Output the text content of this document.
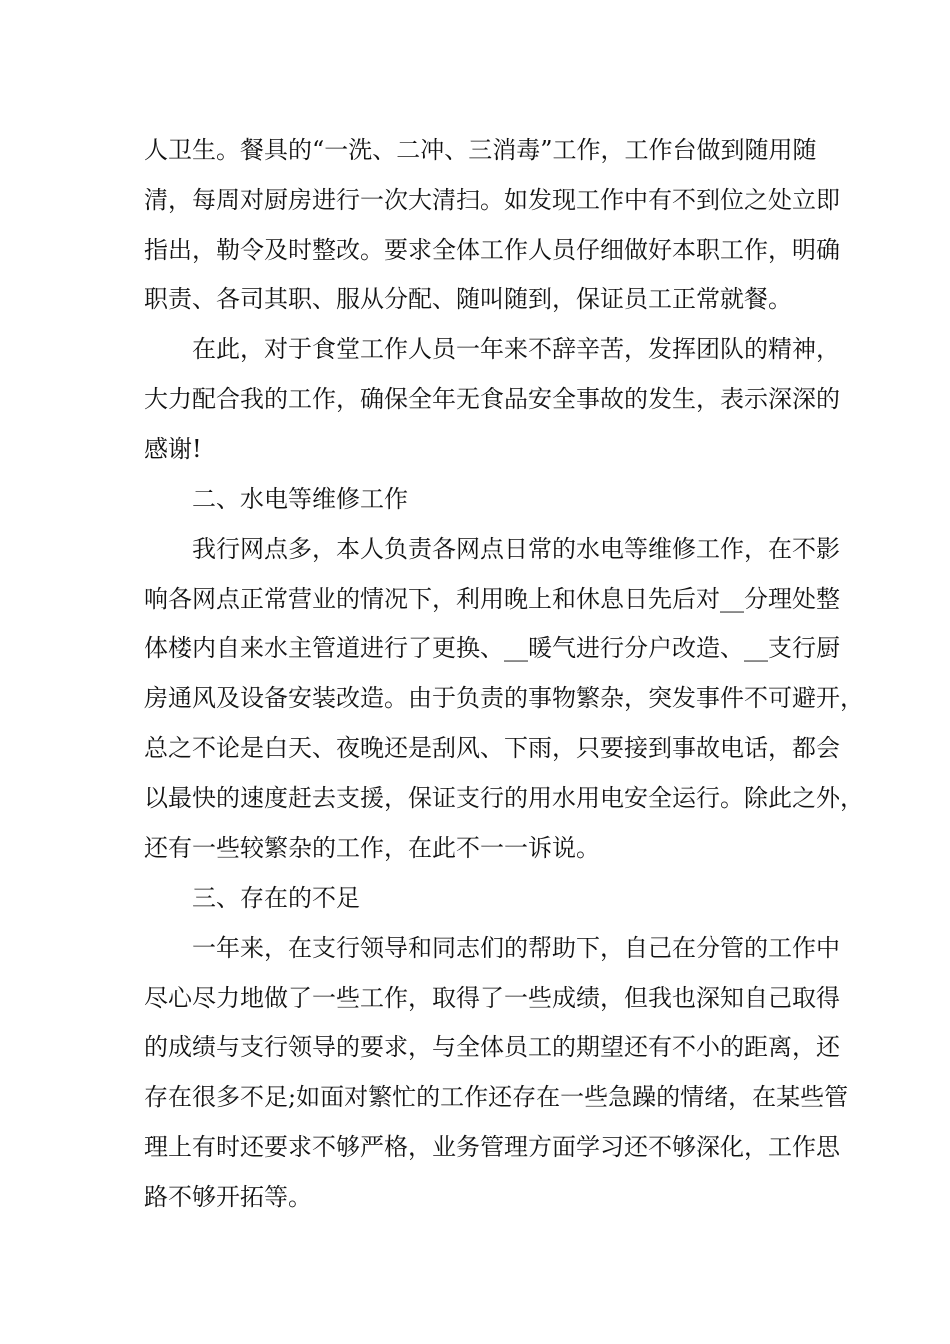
人卫生。餐具的“一洗、二冲、三消毒”工作，工作台做到随用随
清，每周对厨房进行一次大清扫。如发现工作中有不到位之处立即
指出，勒令及时整改。要求全体工作人员仔细做好本职工作，明确
职责、各司其职、服从分配、随叫随到，保证员工正常就餐。
在此，对于食堂工作人员一年来不辞辛苦，发挥团队的精神，
大力配合我的工作，确保全年无食品安全事故的发生，表示深深的
感谢!
二、水电等维修工作
我行网点多，本人负责各网点日常的水电等维修工作，在不影
响各网点正常营业的情况下，利用晚上和休息日先后对__分理处整
体楼内自来水主管道进行了更换、__暖气进行分户改造、__支行厨
房通风及设备安装改造。由于负责的事物繁杂，突发事件不可避开，
总之不论是白天、夜晚还是刮风、下雨，只要接到事故电话，都会
以最快的速度赶去支援，保证支行的用水用电安全运行。除此之外，
还有一些较繁杂的工作，在此不一一诉说。
三、存在的不足
一年来，在支行领导和同志们的帮助下，自己在分管的工作中
尽心尽力地做了一些工作，取得了一些成绩，但我也深知自己取得
的成绩与支行领导的要求，与全体员工的期望还有不小的距离，还
存在很多不足;如面对繁忙的工作还存在一些急躁的情绪，在某些管
理上有时还要求不够严格，业务管理方面学习还不够深化，工作思
路不够开拓等。
